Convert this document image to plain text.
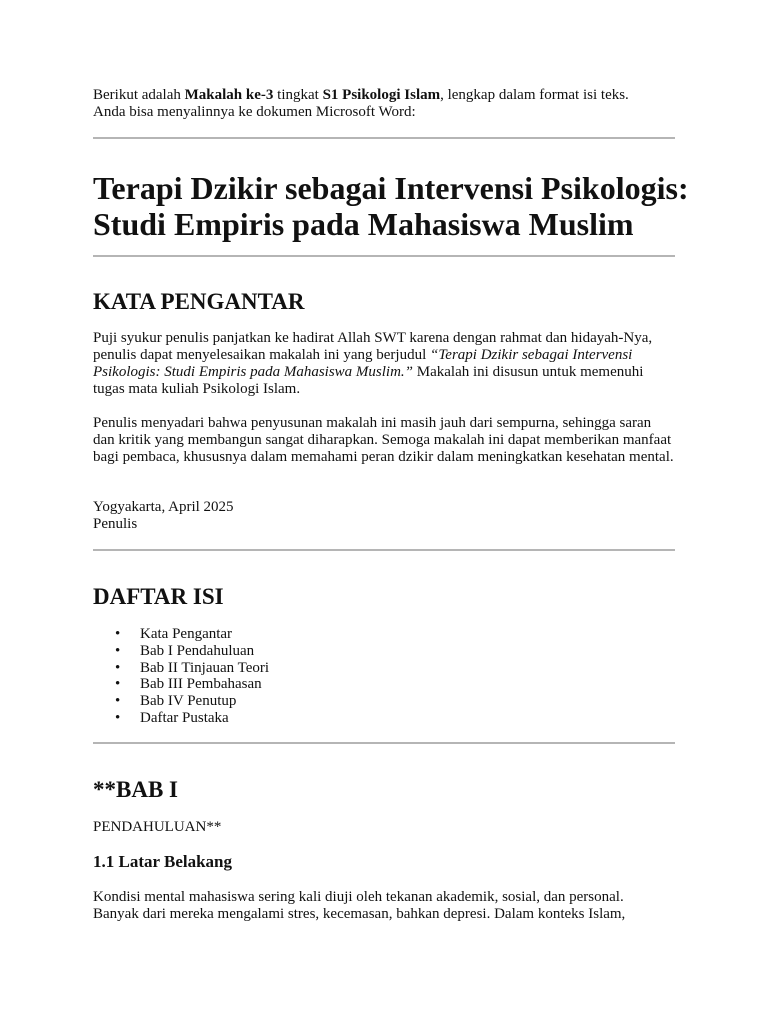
Berikut adalah Makalah ke-3 tingkat S1 Psikologi Islam, lengkap dalam format isi teks.
Anda bisa menyalinnya ke dokumen Microsoft Word:
Terapi Dzikir sebagai Intervensi Psikologis:
Studi Empiris pada Mahasiswa Muslim
KATA PENGANTAR

Puji syukur penulis panjatkan ke hadirat Allah SWT karena dengan rahmat dan hidayah-Nya, penulis dapat menyelesaikan makalah ini yang berjudul “Terapi Dzikir sebagai Intervensi Psikologis: Studi Empiris pada Mahasiswa Muslim.” Makalah ini disusun untuk memenuhi tugas mata kuliah Psikologi Islam.

Penulis menyadari bahwa penyusunan makalah ini masih jauh dari sempurna, sehingga saran dan kritik yang membangun sangat diharapkan. Semoga makalah ini dapat memberikan manfaat bagi pembaca, khususnya dalam memahami peran dzikir dalam meningkatkan kesehatan mental.

Yogyakarta, April 2025
Penulis
DAFTAR ISI
• Kata Pengantar
• Bab I Pendahuluan
• Bab II Tinjauan Teori
• Bab III Pembahasan
• Bab IV Penutup
• Daftar Pustaka
**BAB I

PENDAHULUAN**

1.1 Latar Belakang
Kondisi mental mahasiswa sering kali diuji oleh tekanan akademik, sosial, dan personal.
Banyak dari mereka mengalami stres, kecemasan, bahkan depresi. Dalam konteks Islam,
